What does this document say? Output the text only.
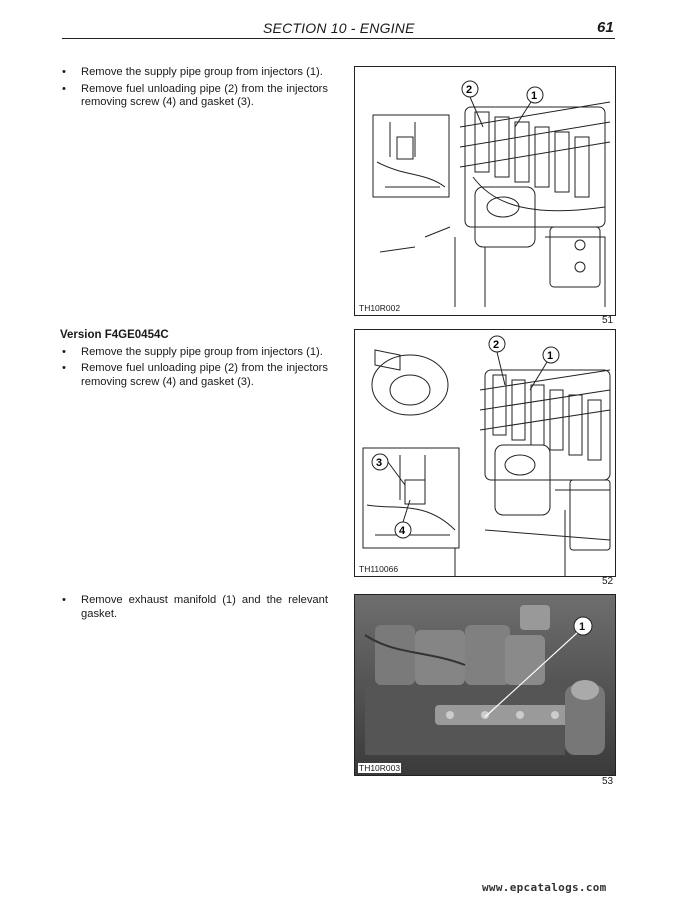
SECTION 10 - ENGINE	61
• Remove the supply pipe group from injectors (1).
• Remove fuel unloading pipe (2) from the injectors removing screw (4) and gasket (3).
Version F4GE0454C
• Remove the supply pipe group from injectors (1).
• Remove fuel unloading pipe (2) from the injectors removing screw (4) and gasket (3).
• Remove exhaust manifold (1) and the relevant gasket.
2	1
TH10R002
51
2
1
3
4
TH110066
52
1
TH10R003
53
www.epcatalogs.com
